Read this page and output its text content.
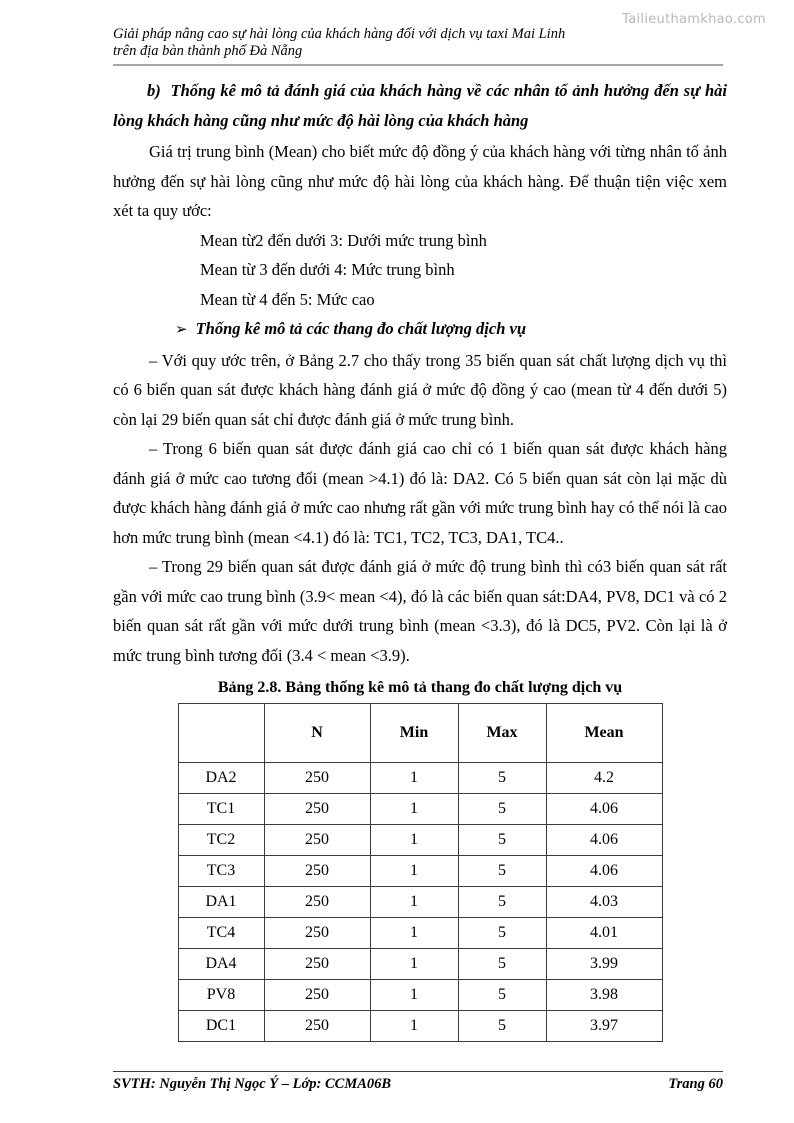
Tailieuthamkhao.com
Giải pháp nâng cao sự hài lòng của khách hàng đối với dịch vụ taxi Mai Linh
trên địa bàn thành phố Đà Nẵng
b) Thống kê mô tả đánh giá của khách hàng về các nhân tố ảnh hưởng đến sự hài lòng khách hàng cũng như mức độ hài lòng của khách hàng

Giá trị trung bình (Mean) cho biết mức độ đồng ý của khách hàng với từng nhân tố ảnh hưởng đến sự hài lòng cũng như mức độ hài lòng của khách hàng. Để thuận tiện việc xem xét ta quy ước:

Mean từ2 đến dưới 3: Dưới mức trung bình

Mean từ 3 đến dưới 4: Mức trung bình

Mean từ 4 đến 5: Mức cao

➢ Thống kê mô tả các thang đo chất lượng dịch vụ

– Với quy ước trên, ở Bảng 2.7 cho thấy trong 35 biến quan sát chất lượng dịch vụ thì có 6 biến quan sát được khách hàng đánh giá ở mức độ đồng ý cao (mean từ 4 đến dưới 5) còn lại 29 biến quan sát chỉ được đánh giá ở mức trung bình.

– Trong 6 biến quan sát được đánh giá cao chỉ có 1 biến quan sát được khách hàng đánh giá ở mức cao tương đối (mean >4.1) đó là: DA2. Có 5 biến quan sát còn lại mặc dù được khách hàng đánh giá ở mức cao nhưng rất gần với mức trung bình hay có thể nói là cao hơn mức trung bình (mean <4.1) đó là: TC1, TC2, TC3, DA1, TC4..

– Trong 29 biến quan sát được đánh giá ở mức độ trung bình thì có3 biến quan sát rất gần với mức cao trung bình (3.9< mean <4), đó là các biến quan sát:DA4, PV8, DC1 và có 2 biến quan sát rất gần với mức dưới trung bình (mean <3.3), đó là DC5, PV2. Còn lại là ở mức trung bình tương đối (3.4 < mean <3.9).

Bảng 2.8. Bảng thống kê mô tả thang đo chất lượng dịch vụ
	N	Min	Max	Mean
DA2	250	1	5	4.2
TC1	250	1	5	4.06
TC2	250	1	5	4.06
TC3	250	1	5	4.06
DA1	250	1	5	4.03
TC4	250	1	5	4.01
DA4	250	1	5	3.99
PV8	250	1	5	3.98
DC1	250	1	5	3.97
SVTH: Nguyễn Thị Ngọc Ý – Lớp: CCMA06B	Trang 60
